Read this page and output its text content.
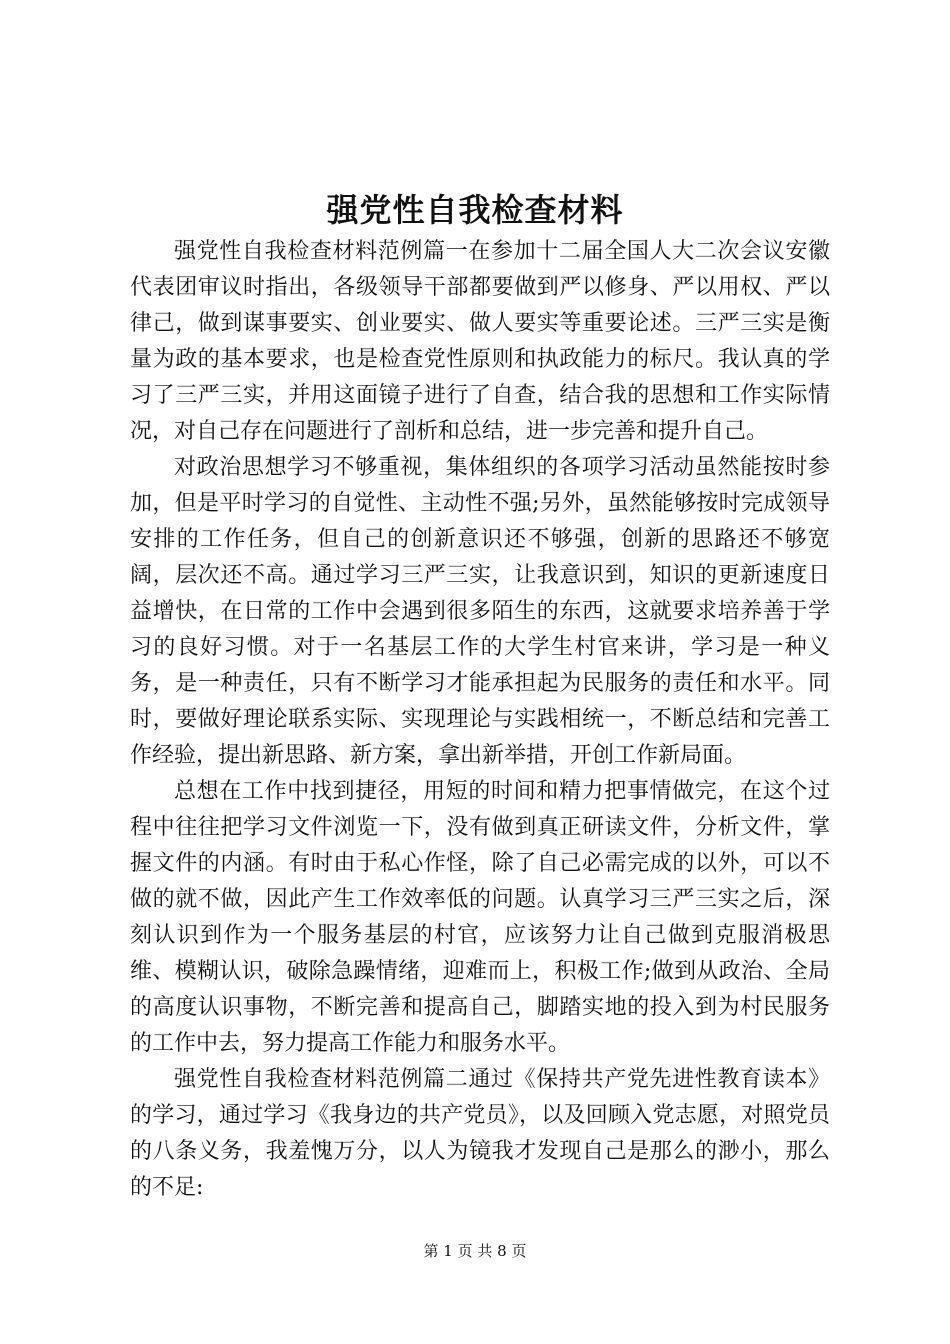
强党性自我检查材料

强党性自我检查材料范例篇一在参加十二届全国人大二次会议安徽代表团审议时指出，各级领导干部都要做到严以修身、严以用权、严以律己，做到谋事要实、创业要实、做人要实等重要论述。三严三实是衡量为政的基本要求，也是检查党性原则和执政能力的标尺。我认真的学习了三严三实，并用这面镜子进行了自查，结合我的思想和工作实际情况，对自己存在问题进行了剖析和总结，进一步完善和提升自己。

对政治思想学习不够重视，集体组织的各项学习活动虽然能按时参加，但是平时学习的自觉性、主动性不强;另外，虽然能够按时完成领导安排的工作任务，但自己的创新意识还不够强，创新的思路还不够宽阔，层次还不高。通过学习三严三实，让我意识到，知识的更新速度日益增快，在日常的工作中会遇到很多陌生的东西，这就要求培养善于学习的良好习惯。对于一名基层工作的大学生村官来讲，学习是一种义务，是一种责任，只有不断学习才能承担起为民服务的责任和水平。同时，要做好理论联系实际、实现理论与实践相统一，不断总结和完善工作经验，提出新思路、新方案，拿出新举措，开创工作新局面。

总想在工作中找到捷径，用短的时间和精力把事情做完，在这个过程中往往把学习文件浏览一下，没有做到真正研读文件，分析文件，掌握文件的内涵。有时由于私心作怪，除了自己必需完成的以外，可以不做的就不做，因此产生工作效率低的问题。认真学习三严三实之后，深刻认识到作为一个服务基层的村官，应该努力让自己做到克服消极思维、模糊认识，破除急躁情绪，迎难而上，积极工作;做到从政治、全局的高度认识事物，不断完善和提高自己，脚踏实地的投入到为村民服务的工作中去，努力提高工作能力和服务水平。

强党性自我检查材料范例篇二通过《保持共产党先进性教育读本》的学习，通过学习《我身边的共产党员》，以及回顾入党志愿，对照党员的八条义务，我羞愧万分，以人为镜我才发现自己是那么的渺小，那么的不足:

第 1 页 共 8 页
